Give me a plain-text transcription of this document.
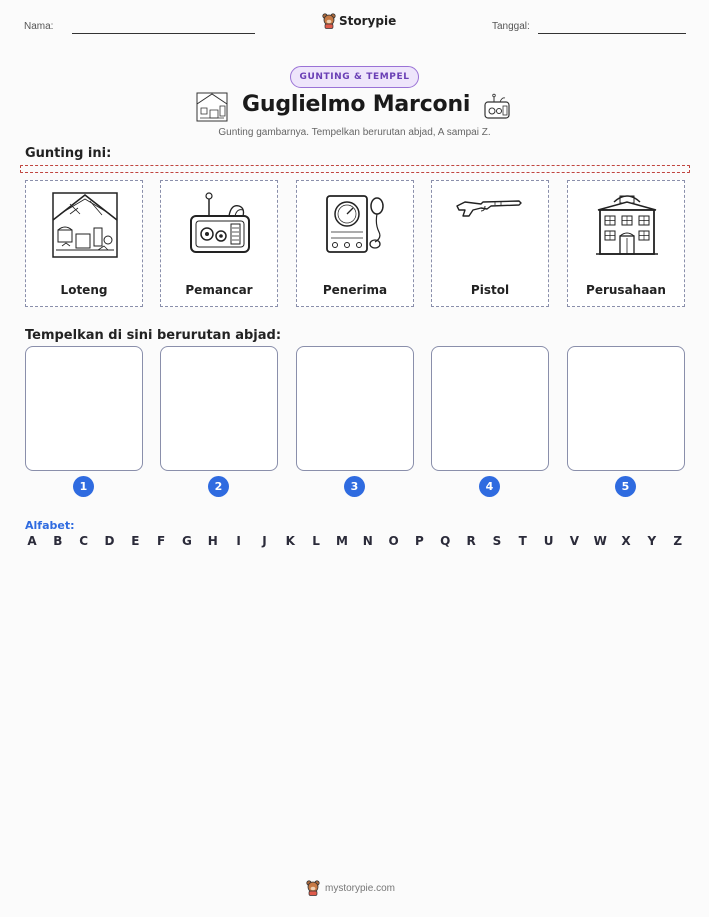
Nama:	Storypie	Tanggal:
GUNTING & TEMPEL
Guglielmo Marconi
Gunting gambarnya. Tempelkan berurutan abjad, A sampai Z.
Gunting ini:
Loteng	Pemancar	Penerima	Pistol	Perusahaan
Tempelkan di sini berurutan abjad:
1	2	3	4	5
Alfabet:
A B C D E F G H	I	J	K L M N O P Q R S T U V W X Y Z
mystorypie.com
